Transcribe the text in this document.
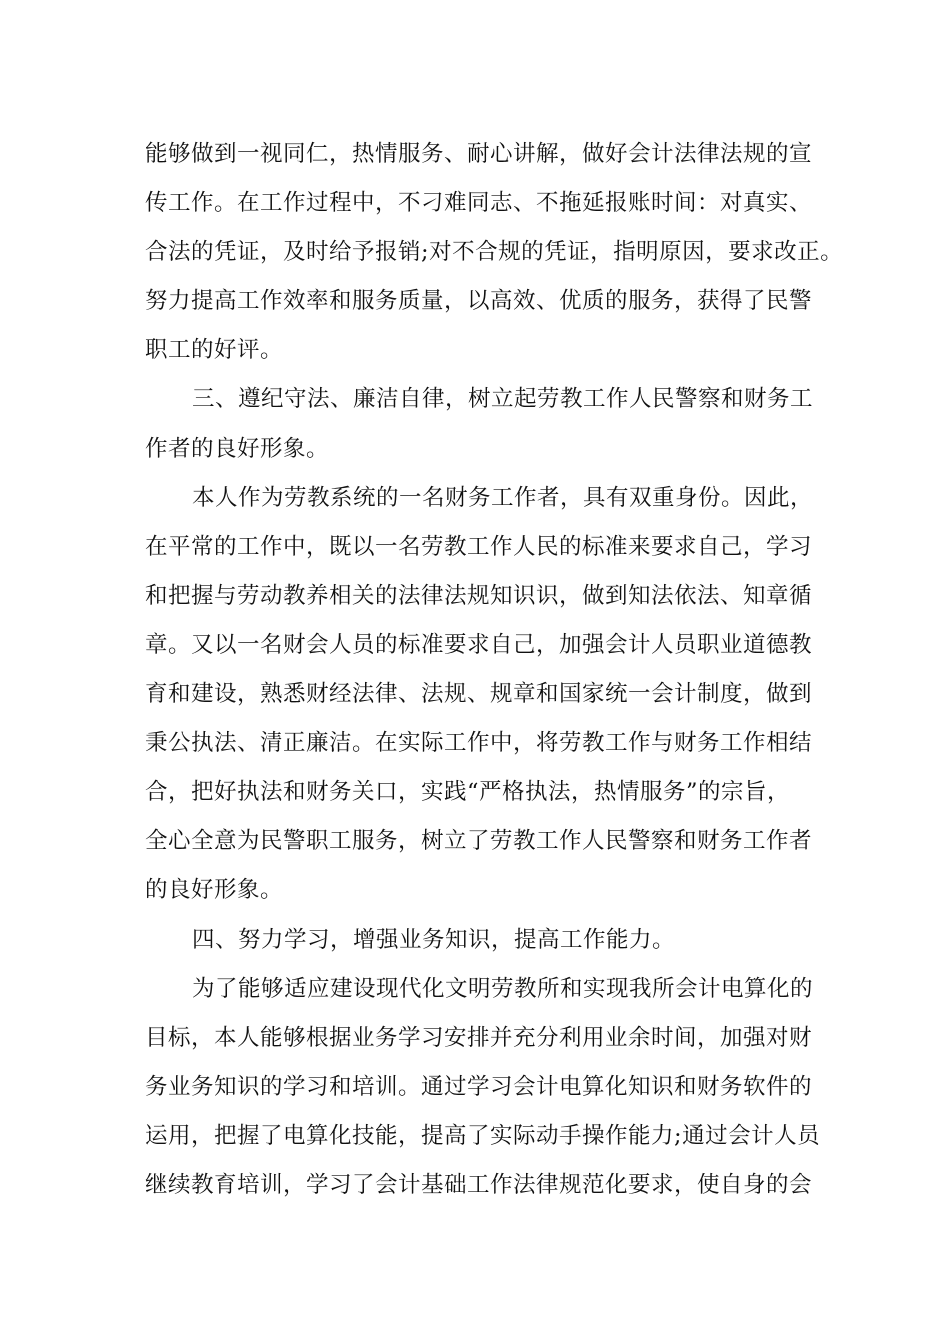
能够做到一视同仁，热情服务、耐心讲解，做好会计法律法规的宣
传工作。在工作过程中，不刁难同志、不拖延报账时间：对真实、
合法的凭证，及时给予报销;对不合规的凭证，指明原因，要求改正。
努力提高工作效率和服务质量，以高效、优质的服务，获得了民警
职工的好评。
三、遵纪守法、廉洁自律，树立起劳教工作人民警察和财务工
作者的良好形象。
本人作为劳教系统的一名财务工作者，具有双重身份。因此，
在平常的工作中，既以一名劳教工作人民的标准来要求自己，学习
和把握与劳动教养相关的法律法规知识识，做到知法依法、知章循
章。又以一名财会人员的标准要求自己，加强会计人员职业道德教
育和建设，熟悉财经法律、法规、规章和国家统一会计制度，做到
秉公执法、清正廉洁。在实际工作中，将劳教工作与财务工作相结
合，把好执法和财务关口，实践“严格执法，热情服务”的宗旨，
全心全意为民警职工服务，树立了劳教工作人民警察和财务工作者
的良好形象。
四、努力学习，增强业务知识，提高工作能力。
为了能够适应建设现代化文明劳教所和实现我所会计电算化的
目标，本人能够根据业务学习安排并充分利用业余时间，加强对财
务业务知识的学习和培训。通过学习会计电算化知识和财务软件的
运用，把握了电算化技能，提高了实际动手操作能力;通过会计人员
继续教育培训，学习了会计基础工作法律规范化要求，使自身的会
